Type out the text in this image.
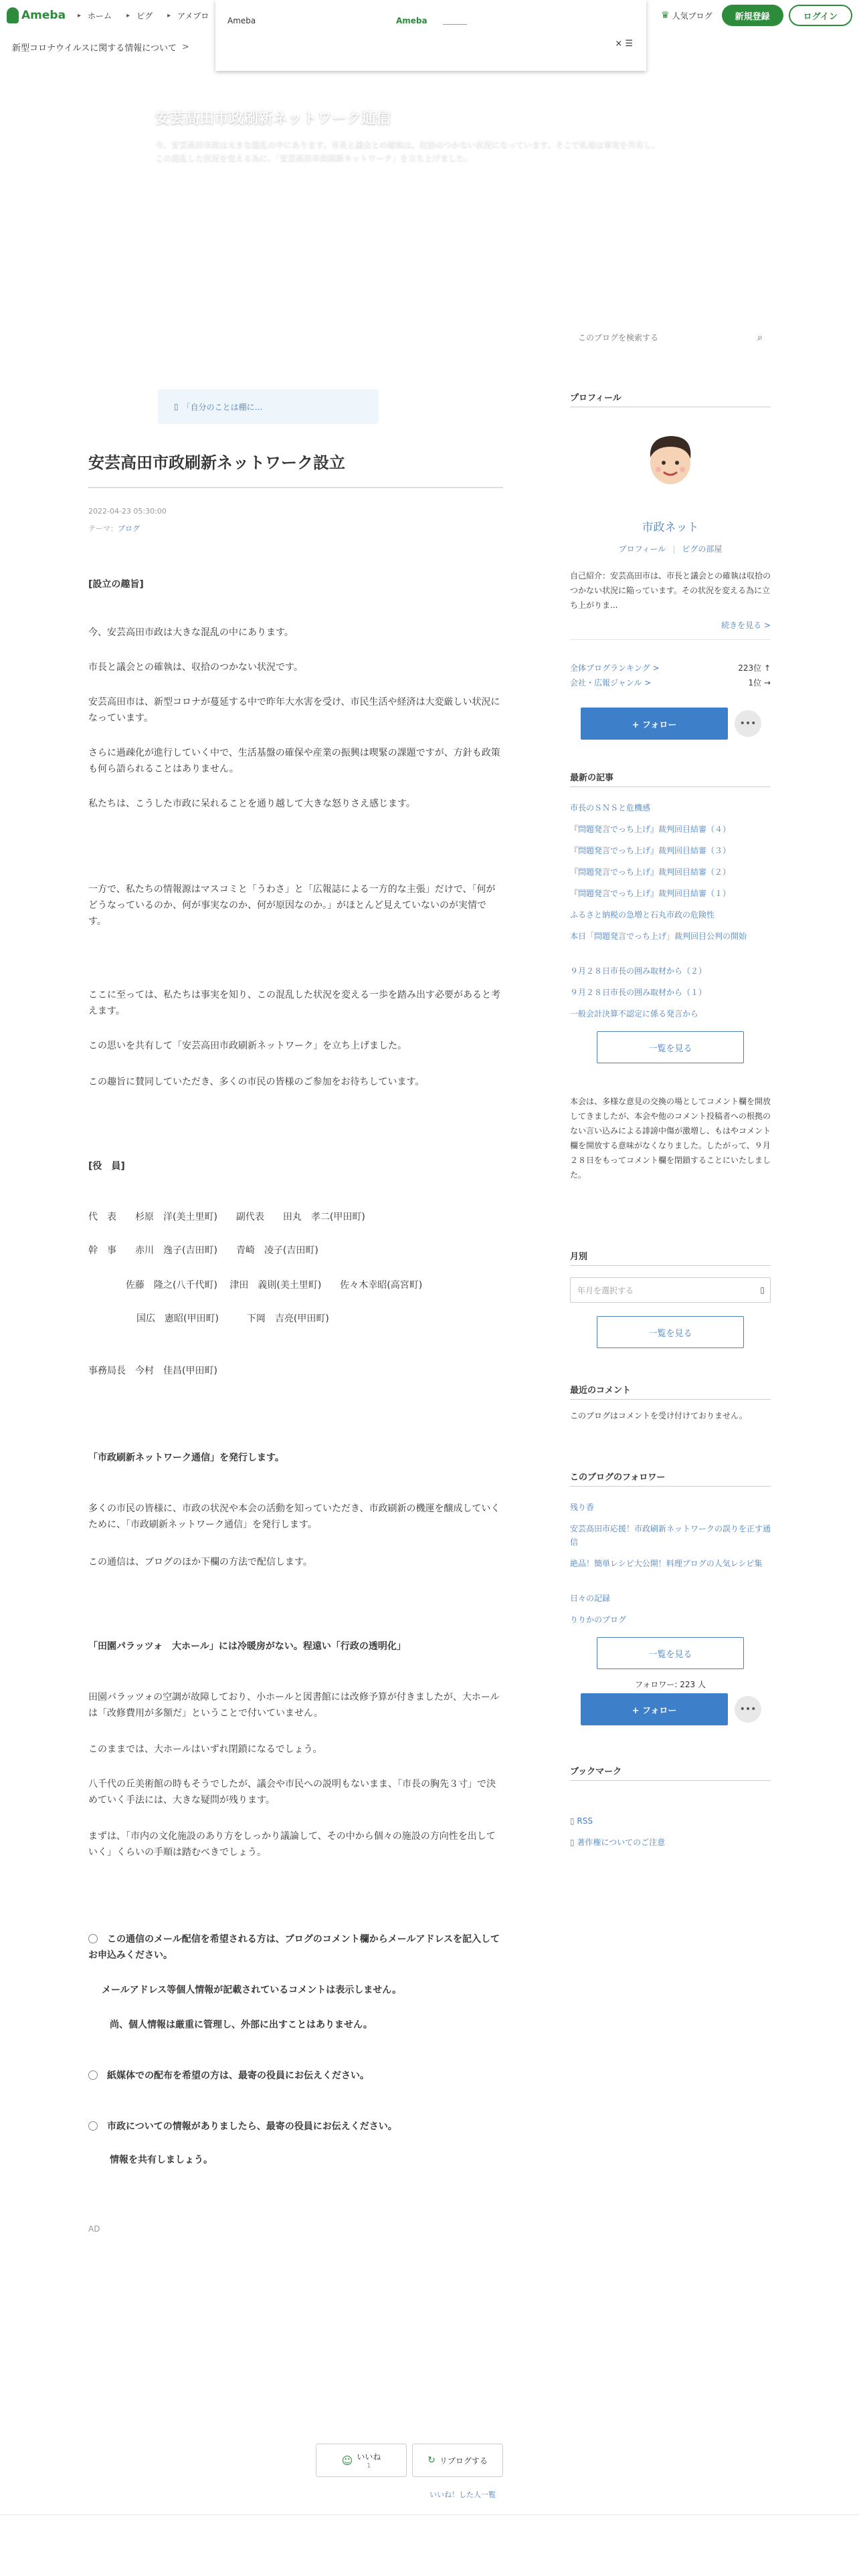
Ameba ▸ ホーム ▸ ピグ ▸ アメプロ	♛ 人気ブログ	新規登録	ログイン
新型コロナウイルスに関する情報について >
Ameba	Ameba
× ☰
安芸高田市政刷新ネットワーク通信
今、安芸高田市政は大きな混乱の中にあります。市長と議会との確執は、収拾のつかない状況になっています。そこで私達は事実を共有し、この混乱した状況を変える為に、「安芸高田市政刷新ネットワーク」を立ち上げました。
▯ ブログトップ	▯ 記事一覧	▯ 画像一覧
このブログを検索する	⌕
▯ 「自分のことは棚に…
安芸高田市政刷新ネットワーク設立
2022-04-23 05:30:00
テーマ：ブログ

[設立の趣旨]

今、安芸高田市政は大きな混乱の中にあります。

市長と議会との確執は、収拾のつかない状況です。

安芸高田市は、新型コロナが蔓延する中で昨年大水害を受け、市民生活や経済は大変厳しい状況になっています。

さらに過疎化が進行していく中で、生活基盤の確保や産業の振興は喫緊の課題ですが、方針も政策も何ら語られることはありません。

私たちは、こうした市政に呆れることを通り越して大きな怒りさえ感じます。

一方で、私たちの情報源はマスコミと「うわさ」と「広報誌による一方的な主張」だけで、「何がどうなっているのか、何が事実なのか、何が原因なのか。」がほとんど見えていないのが実情です。

ここに至っては、私たちは事実を知り、この混乱した状況を変える一歩を踏み出す必要があると考えます。

この思いを共有して「安芸高田市政刷新ネットワーク」を立ち上げました。

この趣旨に賛同していただき、多くの市民の皆様のご参加をお待ちしています。

[役　員]

代　表　　杉原　洋(美土里町)　　副代表　　田丸　孝二(甲田町)

幹　事　　赤川　逸子(吉田町)　　青崎　凌子(吉田町)

佐藤　隆之(八千代町)　 津田　義則(美土里町)　　佐々木幸昭(高宮町)

国広　憲昭(甲田町)　　　下岡　吉亮(甲田町)

事務局長　今村　佳昌(甲田町)

「市政刷新ネットワーク通信」を発行します。

多くの市民の皆様に、市政の状況や本会の活動を知っていただき、市政刷新の機運を醸成していくために、「市政刷新ネットワーク通信」を発行します。

この通信は、ブログのほか下欄の方法で配信します。

「田園パラッツォ　大ホール」には冷暖房がない。程遠い「行政の透明化」

田園パラッツォの空調が故障しており、小ホールと図書館には改修予算が付きましたが、大ホールは「改修費用が多額だ」ということで付いていません。

このままでは、大ホールはいずれ閉鎖になるでしょう。

八千代の丘美術館の時もそうでしたが、議会や市民への説明もないまま、「市長の胸先３寸」で決めていく手法には、大きな疑問が残ります。

まずは、「市内の文化施設のあり方をしっかり議論して、その中から個々の施設の方向性を出していく」くらいの手順は踏むべきでしょう。

この通信のメール配信を希望される方は、ブログのコメント欄からメールアドレスを記入してお申込みください。

メールアドレス等個人情報が記載されているコメントは表示しません。

尚、個人情報は厳重に管理し、外部に出すことはありません。

紙媒体での配布を希望の方は、最寄の役員にお伝えください。

市政についての情報がありましたら、最寄の役員にお伝えください。

情報を共有しましょう。

AD
☺ いいね
1
↻ リブログする
いいね！した人一覧
プロフィール
市政ネット
プロフィール | ピグの部屋
自己紹介：安芸高田市は、市長と議会との確執は収拾のつかない状況に陥っています。その状況を変える為に立ち上がりま...
続きを見る >
全体ブログランキング >	223位 ↑
会社・広報ジャンル >	1位 →
+ フォロー	•••
最新の記事
市長のＳＮＳと危機感
『問題発言でっち上げ』裁判回目結審（４）
『問題発言でっち上げ』裁判回目結審（３）
『問題発言でっち上げ』裁判回目結審（２）
『問題発言でっち上げ』裁判回目結審（１）
ふるさと納税の急増と石丸市政の危険性
本日「問題発言でっち上げ」裁判回目公判の開始
９月２８日市長の囲み取材から（２）
９月２８日市長の囲み取材から（１）
一般会計決算不認定に係る発言から
一覧を見る
本会は、多様な意見の交換の場としてコメント欄を開放してきましたが、本会や他のコメント投稿者への根拠のない言い込みによる誹謗中傷が激増し、もはやコメント欄を開放する意味がなくなりました。したがって、９月２８日をもってコメント欄を閉鎖することにいたしました。
月別
年月を選択する	▯
一覧を見る
最近のコメント
このブログはコメントを受け付けておりません。
このブログのフォロワー
残り香
安芸高田市応援！市政刷新ネットワークの誤りを正す通信
絶品！簡単レシピ大公開！料理ブログの人気レシピ集
日々の記録
りりかのブログ
一覧を見る
フォロワー: 223 人
+ フォロー	•••
ブックマーク
▯ RSS
▯ 著作権についてのご注意
